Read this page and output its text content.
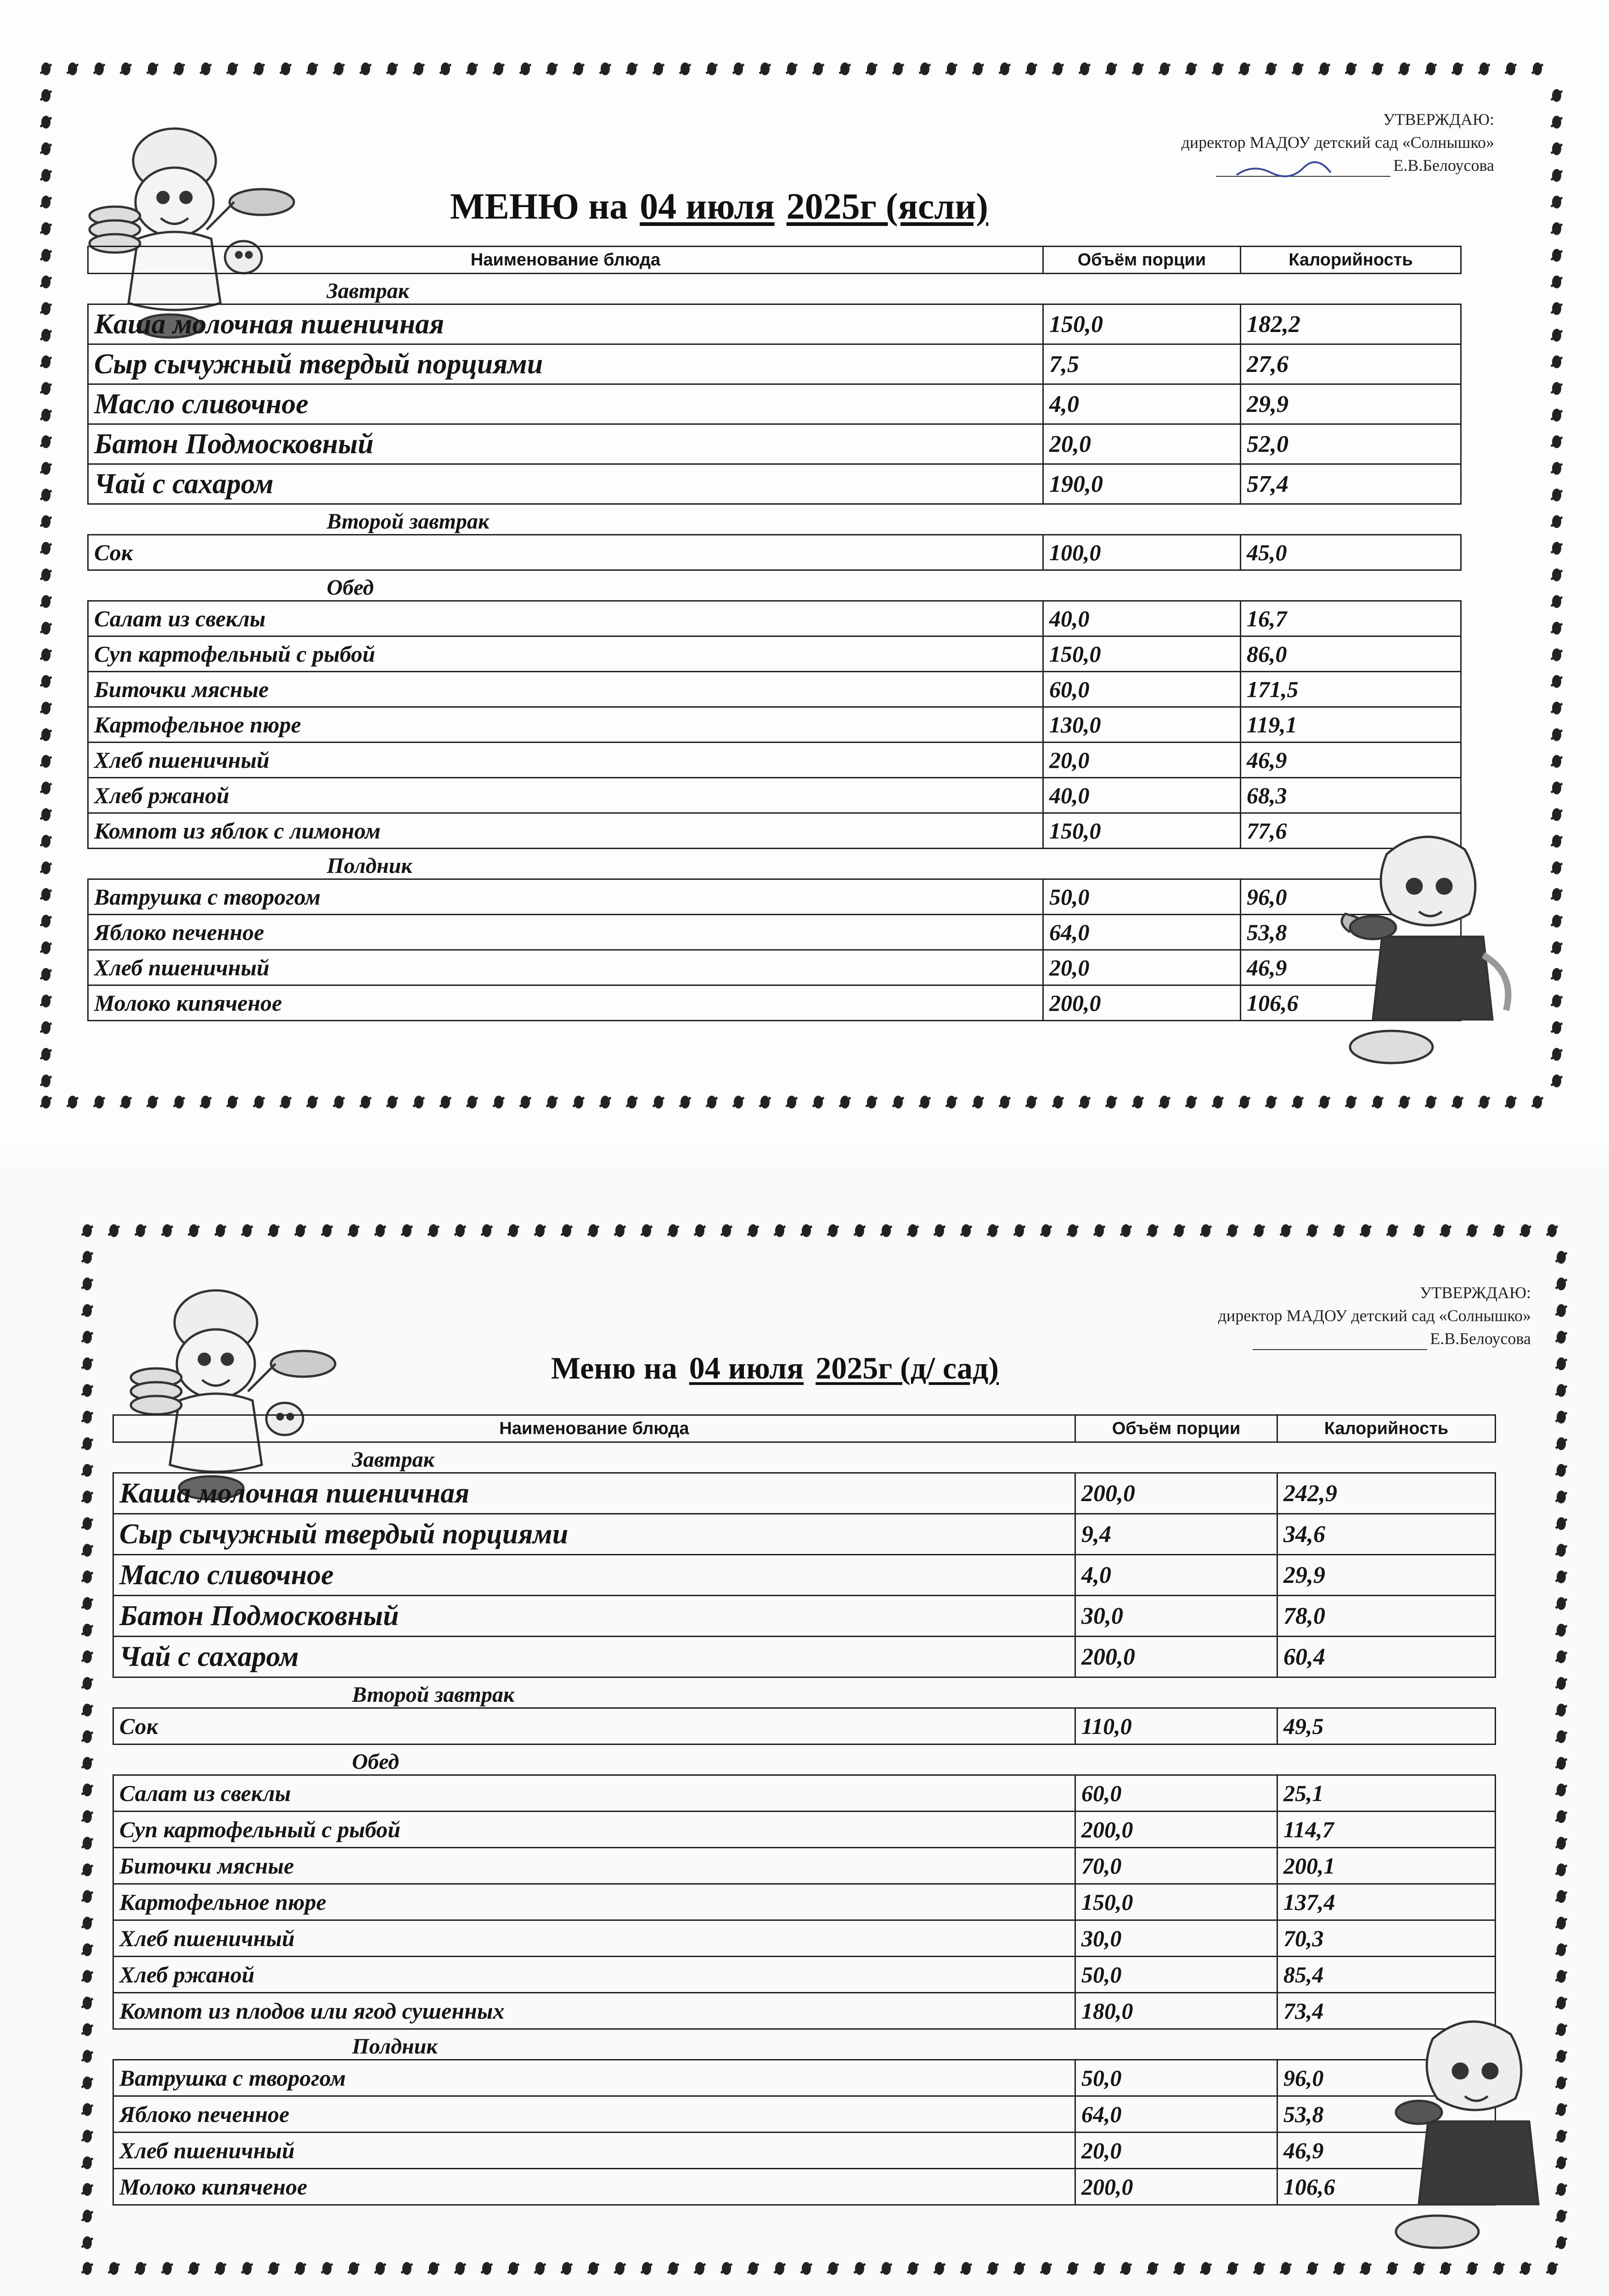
УТВЕРЖДАЮ:
директор МАДОУ детский сад «Солнышко»
Е.В.Белоусова
МЕНЮ на 04 июля 2025г (ясли)
Наименование блюда	Объём порции	Калорийность
Завтрак		
Каша молочная пшеничная	150,0	182,2
Сыр сычужный твердый порциями	7,5	27,6
Масло сливочное	4,0	29,9
Батон Подмосковный	20,0	52,0
Чай с сахаром	190,0	57,4
Второй завтрак		
Сок	100,0	45,0
Обед		
Салат из свеклы	40,0	16,7
Суп картофельный с рыбой	150,0	86,0
Биточки мясные	60,0	171,5
Картофельное пюре	130,0	119,1
Хлеб пшеничный	20,0	46,9
Хлеб ржаной	40,0	68,3
Компот из яблок с лимоном	150,0	77,6
Полдник		
Ватрушка с творогом	50,0	96,0
Яблоко печенное	64,0	53,8
Хлеб пшеничный	20,0	46,9
Молоко кипяченое	200,0	106,6
УТВЕРЖДАЮ:
директор МАДОУ детский сад «Солнышко»
Е.В.Белоусова
Меню на 04 июля 2025г (д/ сад)
Наименование блюда	Объём порции	Калорийность
Завтрак		
Каша молочная пшеничная	200,0	242,9
Сыр сычужный твердый порциями	9,4	34,6
Масло сливочное	4,0	29,9
Батон Подмосковный	30,0	78,0
Чай с сахаром	200,0	60,4
Второй завтрак		
Сок	110,0	49,5
Обед		
Салат из свеклы	60,0	25,1
Суп картофельный с рыбой	200,0	114,7
Биточки мясные	70,0	200,1
Картофельное пюре	150,0	137,4
Хлеб пшеничный	30,0	70,3
Хлеб ржаной	50,0	85,4
Компот из плодов или ягод сушенных	180,0	73,4
Полдник		
Ватрушка с творогом	50,0	96,0
Яблоко печенное	64,0	53,8
Хлеб пшеничный	20,0	46,9
Молоко кипяченое	200,0	106,6
